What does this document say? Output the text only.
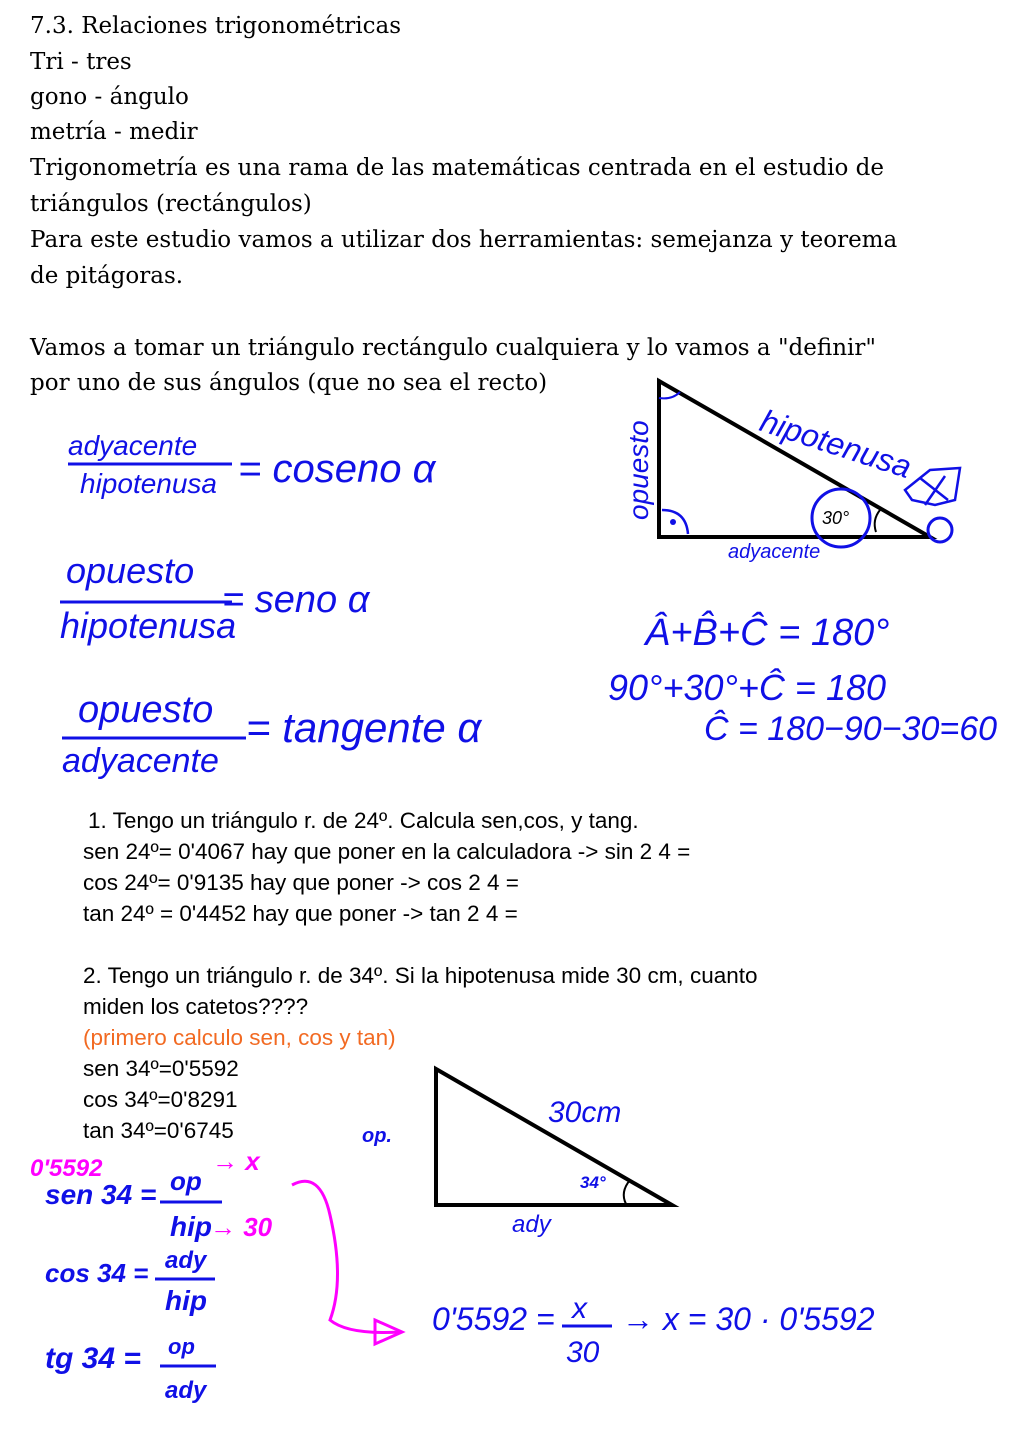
7.3. Relaciones trigonométricas
Tri - tres
gono - ángulo
metría - medir
Trigonometría es una rama de las matemáticas centrada en el estudio de
triángulos (rectángulos)
Para este estudio vamos a utilizar dos herramientas: semejanza y teorema
de pitágoras.
Vamos a tomar un triángulo rectángulo cualquiera y lo vamos a "definir"
por uno de sus ángulos (que no sea el recto)
1. Tengo un triángulo r. de 24º. Calcula sen,cos, y tang.
sen 24º= 0'4067 hay que poner en la calculadora -> sin 2 4 =
cos 24º= 0'9135 hay que poner -> cos 2 4 =
tan 24º = 0'4452 hay que poner -> tan 2 4 =
2. Tengo un triángulo r. de 34º. Si la hipotenusa mide 30 cm, cuanto
miden los catetos????
(primero calculo sen, cos y tan)
sen 34º=0'5592
cos 34º=0'8291
tan 34º=0'6745
adyacente
hipotenusa = coseno α
opuesto
hipotenusa
= seno α
opuesto
adyacente
= tangente α
30°
opuesto	hipotenusa
adyacente
Â+B̂+Ĉ = 180°
90°+30°+Ĉ = 180
Ĉ = 180−90−30=60
op.
30cm
34°
ady
0'5592
sen 34 = op
hip
→ x
→ 30
cos 34 = ady
hip
tg 34 = op
ady
0'5592 = x
30
→ x = 30 · 0'5592
